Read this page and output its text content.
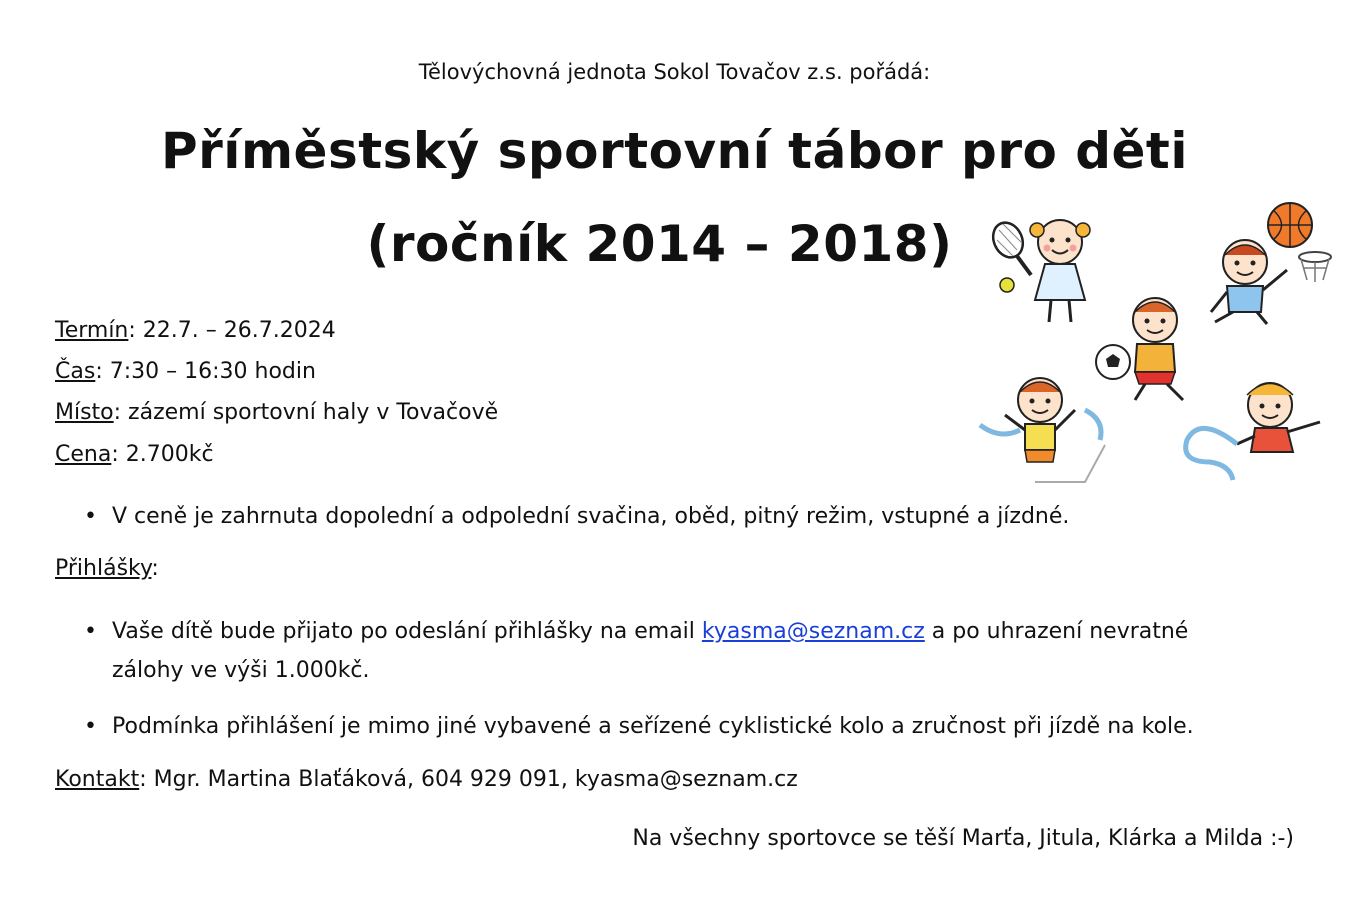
Tělovýchovná jednota Sokol Tovačov z.s. pořádá:
Příměstský sportovní tábor pro děti
(ročník 2014 – 2018)
Termín: 22.7. – 26.7.2024
Čas: 7:30 – 16:30 hodin
Místo: zázemí sportovní haly v Tovačově
Cena: 2.700kč
• V ceně je zahrnuta dopolední a odpolední svačina, oběd, pitný režim, vstupné a jízdné.
Přihlášky:
• Vaše dítě bude přijato po odeslání přihlášky na email kyasma@seznam.cz a po uhrazení nevratné
zálohy ve výši 1.000kč.
• Podmínka přihlášení je mimo jiné vybavené a seřízené cyklistické kolo a zručnost při jízdě na kole.
Kontakt: Mgr. Martina Blaťáková, 604 929 091, kyasma@seznam.cz
Na všechny sportovce se těší Marťa, Jitula, Klárka a Milda :-)
